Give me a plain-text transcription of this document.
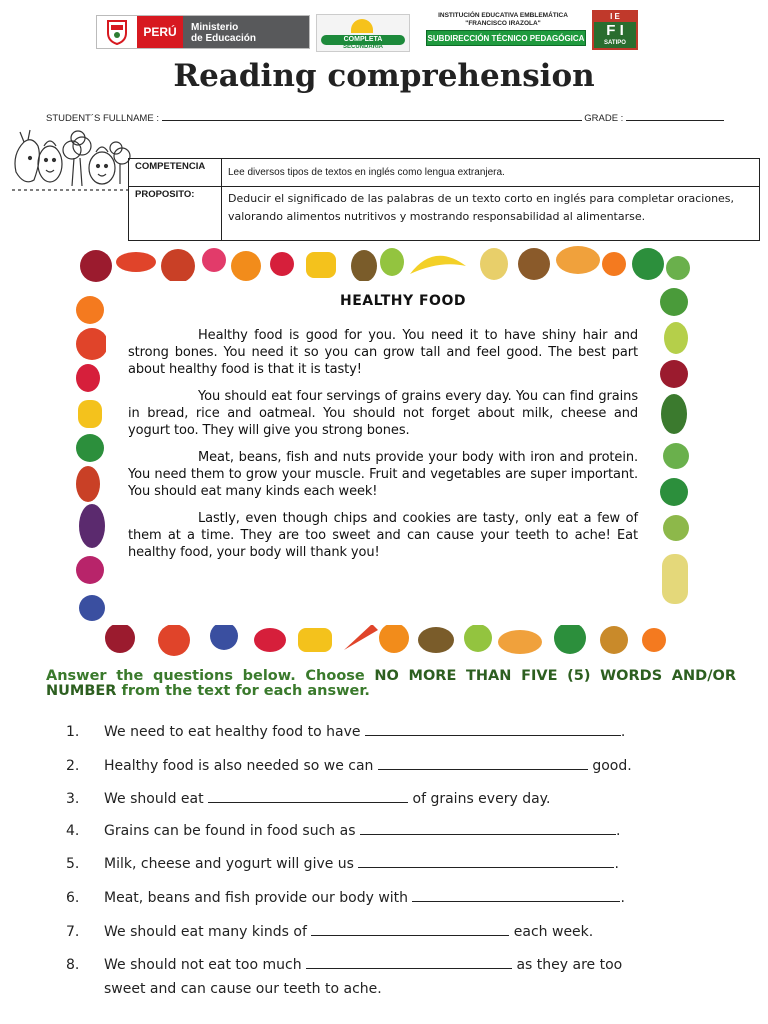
PERÚ	Ministerio
de Educación	COMPLETA
SECUNDARIA
INSTITUCIÓN EDUCATIVA EMBLEMÁTICA
"FRANCISCO IRAZOLA"
SUBDIRECCIÓN TÉCNICO PEDAGÓGICA
I E
F I
SATIPO
Reading comprehension
STUDENT´S FULLNAME :	GRADE :
COMPETENCIA	Lee diversos tipos de textos en inglés como lengua extranjera.
PROPOSITO:	Deducir el significado de las palabras de un texto corto en inglés para completar oraciones, valorando alimentos nutritivos y mostrando responsabilidad al alimentarse.
HEALTHY FOOD

Healthy food is good for you. You need it to have shiny hair and strong bones. You need it so you can grow tall and feel good. The best part about healthy food is that it is tasty!

You should eat four servings of grains every day. You can find grains in bread, rice and oatmeal. You should not forget about milk, cheese and yogurt too. They will give you strong bones.

Meat, beans, fish and nuts provide your body with iron and protein. You need them to grow your muscle. Fruit and vegetables are super important. You should eat many kinds each week!

Lastly, even though chips and cookies are tasty, only eat a few of them at a time. They are too sweet and can cause your teeth to ache! Eat healthy food, your body will thank you!

Answer the questions below. Choose NO MORE THAN FIVE (5) WORDS AND/OR NUMBER from the text for each answer.
1. We need to eat healthy food to have	.
2. Healthy food is also needed so we can	good.
3. We should eat	of grains every day.
4. Grains can be found in food such as	.
5. Milk, cheese and yogurt will give us	.
6. Meat, beans and fish provide our body with	.
7. We should eat many kinds of	each week.
8. We should not eat too much	as they are too
sweet and can cause our teeth to ache.
